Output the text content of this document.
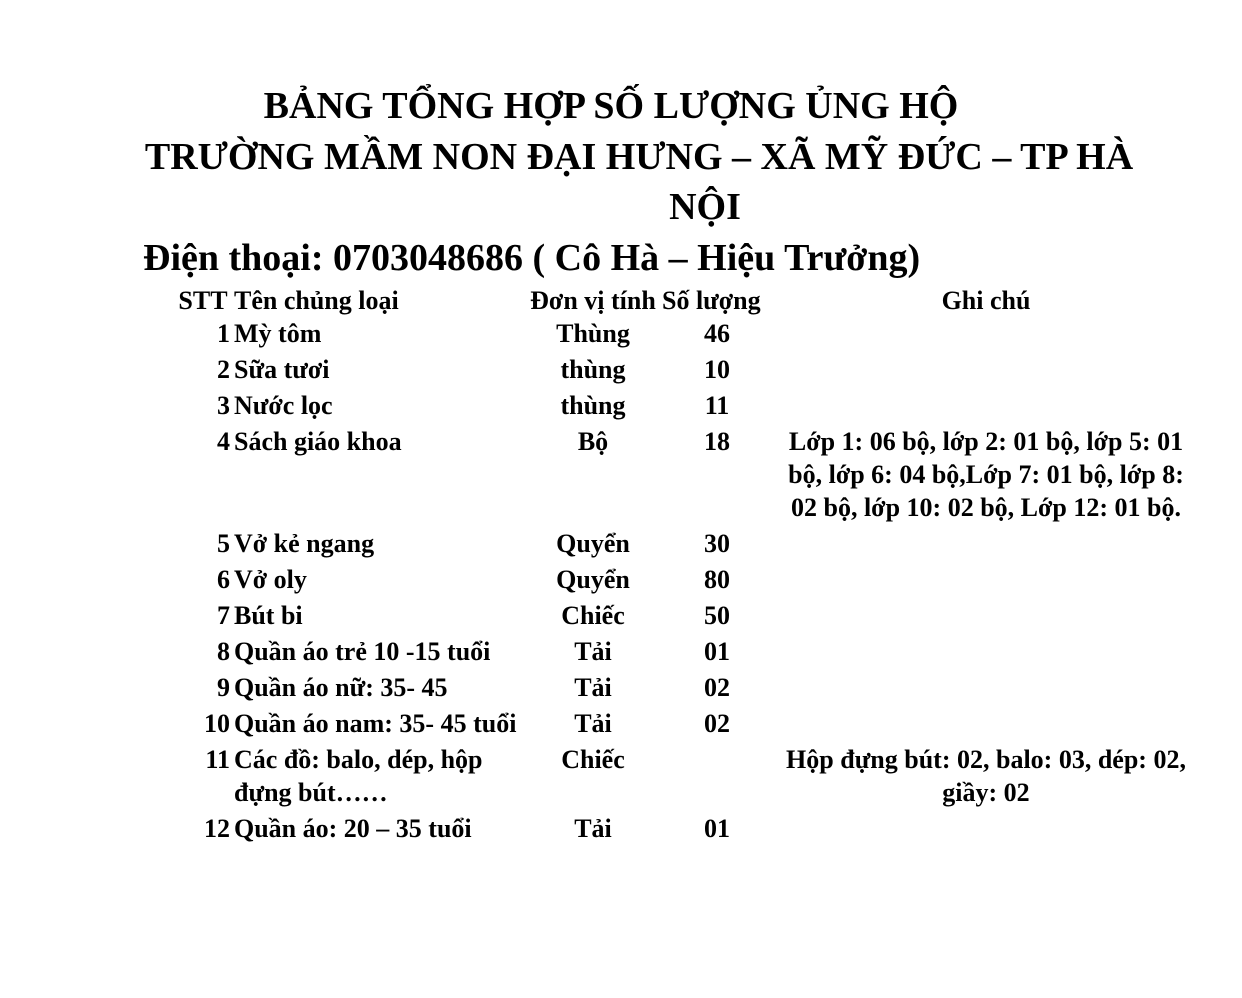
BẢNG TỔNG HỢP SỐ LƯỢNG ỦNG HỘ
TRƯỜNG MẦM NON ĐẠI HƯNG – XÃ MỸ ĐỨC – TP HÀ
NỘI
Điện thoại: 0703048686 ( Cô Hà – Hiệu Trưởng)
STT	Tên chủng loại	Đơn vị tính	Số lượng	Ghi chú
1	Mỳ tôm	Thùng	46	
2	Sữa tươi	thùng	10	
3	Nước lọc	thùng	11	
4	Sách giáo khoa	Bộ	18	Lớp 1: 06 bộ, lớp 2: 01 bộ, lớp 5: 01 bộ, lớp 6: 04 bộ,Lớp 7: 01 bộ, lớp 8: 02 bộ, lớp 10: 02 bộ, Lớp 12: 01 bộ.
5	Vở kẻ ngang	Quyển	30	
6	Vở oly	Quyển	80	
7	Bút bi	Chiếc	50	
8	Quần áo trẻ 10 -15 tuổi	Tải	01	
9	Quần áo nữ: 35- 45	Tải	02	
10	Quần áo nam: 35- 45 tuổi	Tải	02	
11	Các đồ: balo, dép, hộp đựng bút……	Chiếc		Hộp đựng bút: 02, balo: 03, dép: 02, giầy: 02
12	Quần áo: 20 – 35 tuổi	Tải	01	
